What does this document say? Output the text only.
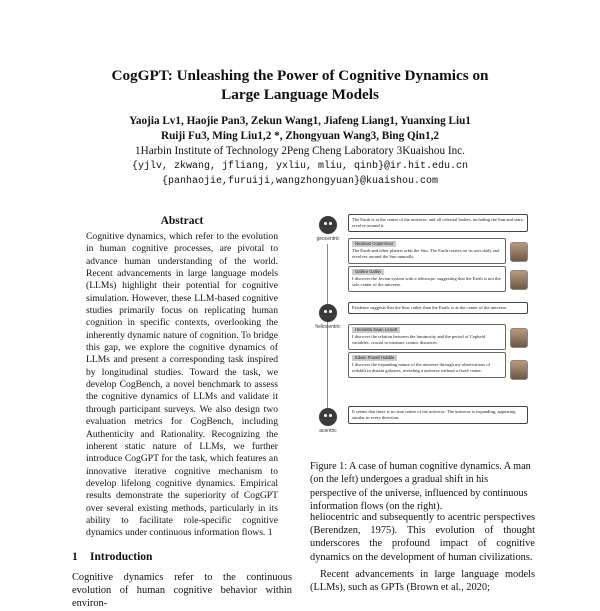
CogGPT: Unleashing the Power of Cognitive Dynamics on
Large Language Models
Yaojia Lv1, Haojie Pan3, Zekun Wang1, Jiafeng Liang1, Yuanxing Liu1
Ruiji Fu3, Ming Liu1,2 *, Zhongyuan Wang3, Bing Qin1,2
1Harbin Institute of Technology 2Peng Cheng Laboratory 3Kuaishou Inc.
{yjlv, zkwang, jfliang, yxliu, mliu, qinb}@ir.hit.edu.cn
{panhaojie,furuiji,wangzhongyuan}@kuaishou.com
Abstract
Cognitive dynamics, which refer to the evolution in human cognitive processes, are pivotal to advance human understanding of the world. Recent advancements in large language models (LLMs) highlight their potential for cognitive simulation. However, these LLM-based cognitive studies primarily focus on replicating human cognition in specific contexts, overlooking the inherently dynamic nature of cognition. To bridge this gap, we explore the cognitive dynamics of LLMs and present a corresponding task inspired by longitudinal studies. Toward the task, we develop CogBench, a novel benchmark to assess the cognitive dynamics of LLMs and validate it through participant surveys. We also design two evaluation metrics for CogBench, including Authenticity and Rationality. Recognizing the inherent static nature of LLMs, we further introduce CogGPT for the task, which features an innovative iterative cognitive mechanism to develop lifelong cognitive dynamics. Empirical results demonstrate the superiority of CogGPT over several existing methods, particularly in its ability to facilitate role-specific cognitive dynamics under continuous information flows. 1
1 Introduction
Cognitive dynamics refer to the continuous evolution of human cognitive behavior within environ-
geocentric
heliocentric
acentric
The Earth is at the center of the universe, and all celestial bodies, including the Sun and stars, revolve around it.
Nicolaus Copernicus
The Earth and other planets orbit the Sun. The Earth rotates on its axis daily and revolves around the Sun annually.
Galileo Galilei
I discover the Jovian system with a telescope, suggesting that the Earth is not the sole center of the universe.
Evidence suggests that the Sun, rather than the Earth, is at the center of the universe.
Henrietta Swan Leavitt
I discover the relation between the luminosity and the period of Cepheid variables, crucial to measure cosmic distances.
Edwin Powell Hubble
I discover the expanding nature of the universe through my observations of redshift in distant galaxies, revealing a universe without a fixed center.
It seems that there is no true center of the universe. The universe is expanding, appearing similar in every direction.
Figure 1: A case of human cognitive dynamics. A man (on the left) undergoes a gradual shift in his perspective of the universe, influenced by continuous information flows (on the right).

heliocentric and subsequently to acentric perspectives (Berendzen, 1975). This evolution of thought underscores the profound impact of cognitive dynamics on the development of human civilizations.

Recent advancements in large language models (LLMs), such as GPTs (Brown et al., 2020;
